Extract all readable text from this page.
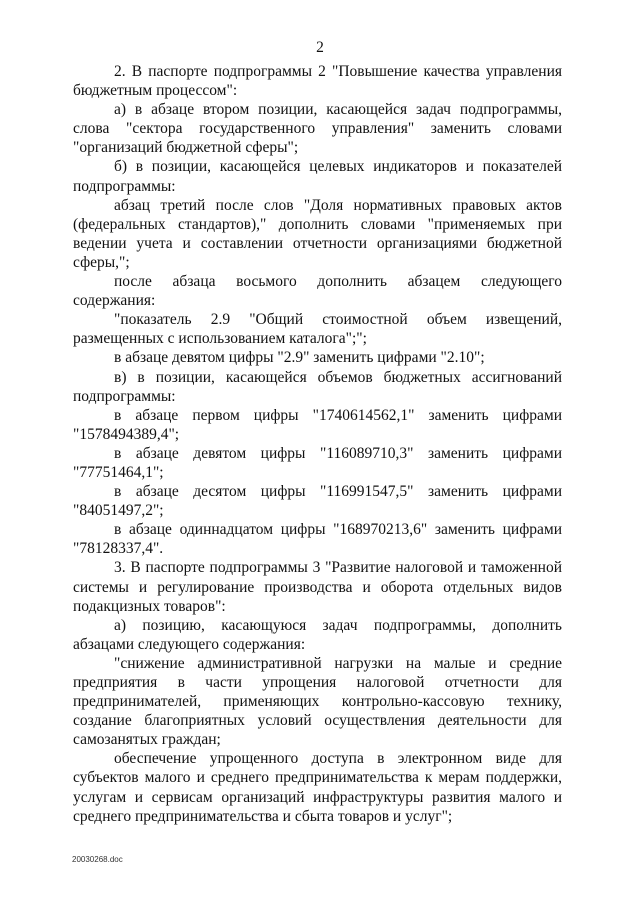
2

2. В паспорте подпрограммы 2 "Повышение качества управления бюджетным процессом":

а) в абзаце втором позиции, касающейся задач подпрограммы, слова "сектора государственного управления" заменить словами "организаций бюджетной сферы";

б) в позиции, касающейся целевых индикаторов и показателей подпрограммы:

абзац третий после слов "Доля нормативных правовых актов (федеральных стандартов)," дополнить словами "применяемых при ведении учета и составлении отчетности организациями бюджетной сферы,";

после абзаца восьмого дополнить абзацем следующего содержания:

"показатель 2.9 "Общий стоимостной объем извещений, размещенных с использованием каталога";";

в абзаце девятом цифры "2.9" заменить цифрами "2.10";

в) в позиции, касающейся объемов бюджетных ассигнований подпрограммы:

в абзаце первом цифры "1740614562,1" заменить цифрами "1578494389,4";

в абзаце девятом цифры "116089710,3" заменить цифрами "77751464,1";

в абзаце десятом цифры "116991547,5" заменить цифрами "84051497,2";

в абзаце одиннадцатом цифры "168970213,6" заменить цифрами "78128337,4".

3. В паспорте подпрограммы 3 "Развитие налоговой и таможенной системы и регулирование производства и оборота отдельных видов подакцизных товаров":

а) позицию, касающуюся задач подпрограммы, дополнить абзацами следующего содержания:

"снижение административной нагрузки на малые и средние предприятия в части упрощения налоговой отчетности для предпринимателей, применяющих контрольно-кассовую технику, создание благоприятных условий осуществления деятельности для самозанятых граждан;

обеспечение упрощенного доступа в электронном виде для субъектов малого и среднего предпринимательства к мерам поддержки, услугам и сервисам организаций инфраструктуры развития малого и среднего предпринимательства и сбыта товаров и услуг";

20030268.doc
